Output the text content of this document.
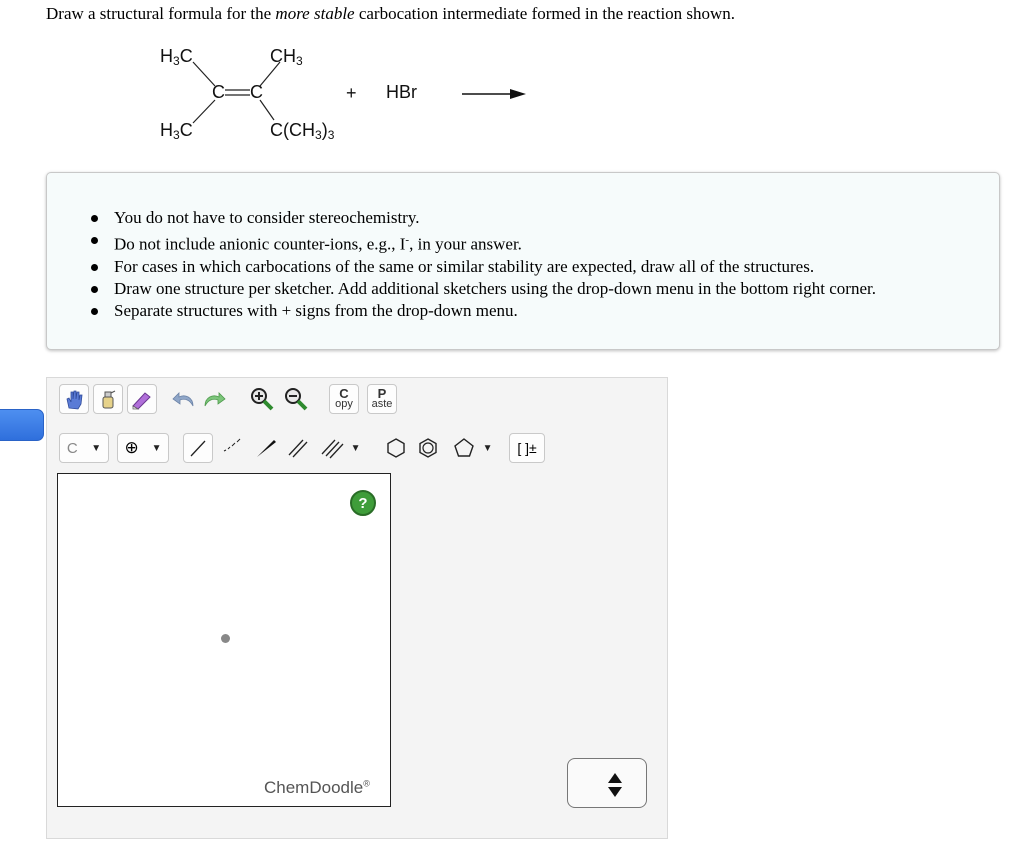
Draw a structural formula for the more stable carbocation intermediate formed in the reaction shown.
$H_3C$	$CH_3$
C C
$H_3C$	$C(CH_3)_3$
+ HBr
You do not have to consider stereochemistry.
Do not include anionic counter-ions, e.g., I-, in your answer.
For cases in which carbocations of the same or similar stability are expected, draw all of the structures.
Draw one structure per sketcher. Add additional sketchers using the drop-down menu in the bottom right corner.
Separate structures with + signs from the drop-down menu.
C
opy
P
aste
C ▼ ⊕ ▼	▼	▼ [ ]±
?
ChemDoodle®
